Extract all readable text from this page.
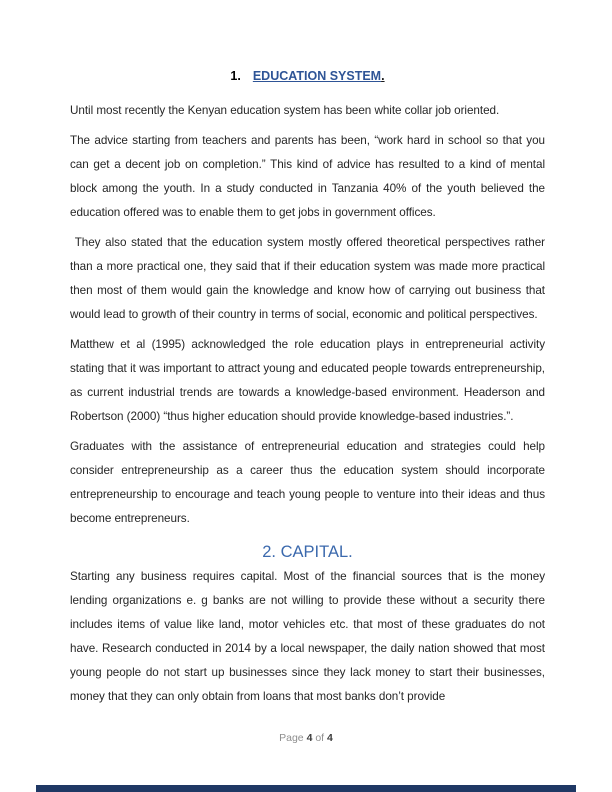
1. EDUCATION SYSTEM.

Until most recently the Kenyan education system has been white collar job oriented.

The advice starting from teachers and parents has been, “work hard in school so that you can get a decent job on completion.” This kind of advice has resulted to a kind of mental block among the youth. In a study conducted in Tanzania 40% of the youth believed the education offered was to enable them to get jobs in government offices.

They also stated that the education system mostly offered theoretical perspectives rather than a more practical one, they said that if their education system was made more practical then most of them would gain the knowledge and know how of carrying out business that would lead to growth of their country in terms of social, economic and political perspectives.

Matthew et al (1995) acknowledged the role education plays in entrepreneurial activity stating that it was important to attract young and educated people towards entrepreneurship, as current industrial trends are towards a knowledge-based environment. Headerson and Robertson (2000) “thus higher education should provide knowledge-based industries.”.

Graduates with the assistance of entrepreneurial education and strategies could help consider entrepreneurship as a career thus the education system should incorporate entrepreneurship to encourage and teach young people to venture into their ideas and thus become entrepreneurs.

2. CAPITAL.

Starting any business requires capital. Most of the financial sources that is the money lending organizations e. g banks are not willing to provide these without a security there includes items of value like land, motor vehicles etc. that most of these graduates do not have. Research conducted in 2014 by a local newspaper, the daily nation showed that most young people do not start up businesses since they lack money to start their businesses, money that they can only obtain from loans that most banks don’t provide

Page 4 of 4
